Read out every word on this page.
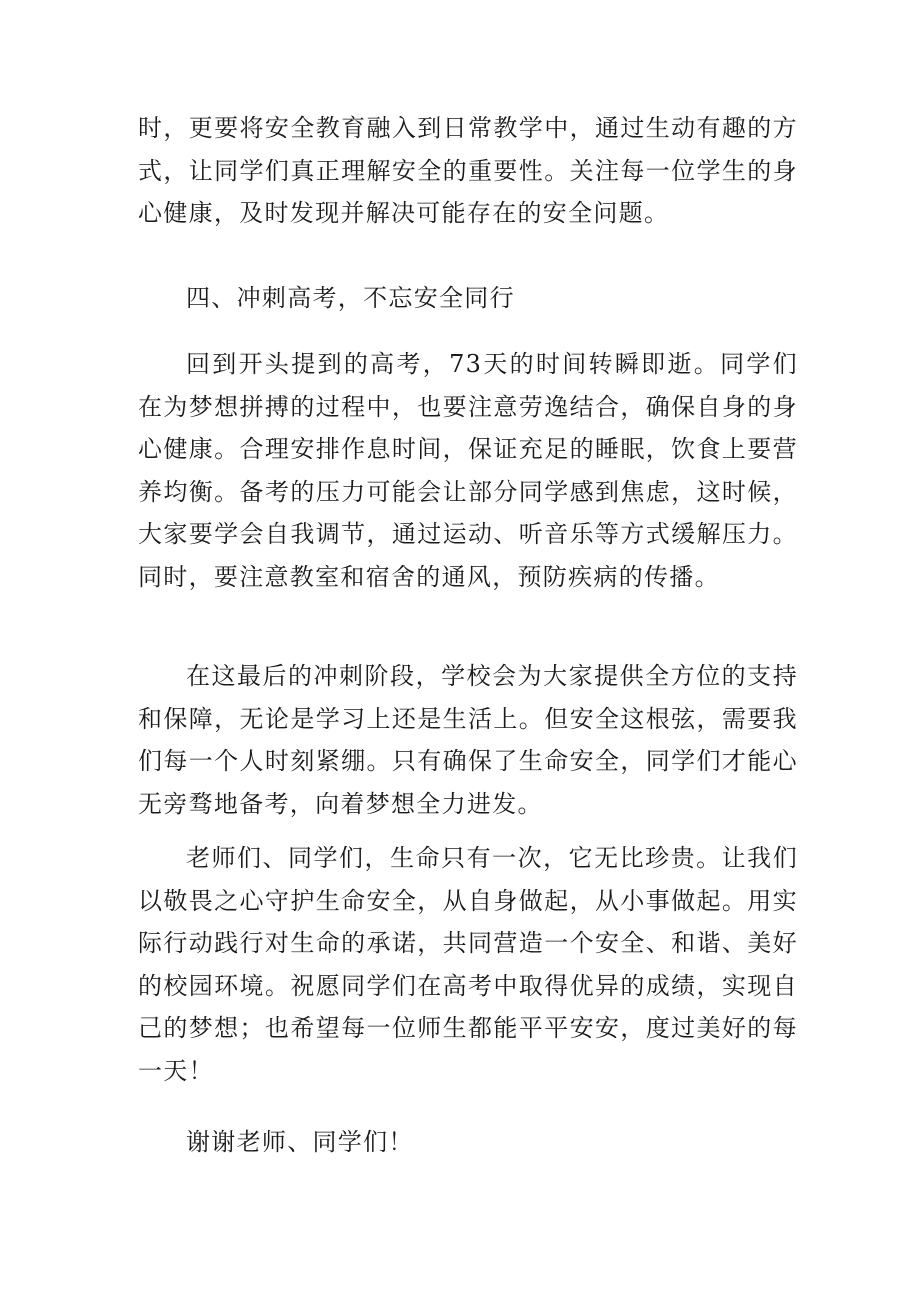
时，更要将安全教育融入到日常教学中，通过生动有趣的方式，让同学们真正理解安全的重要性。关注每一位学生的身心健康，及时发现并解决可能存在的安全问题。

四、冲刺高考，不忘安全同行

回到开头提到的高考，73天的时间转瞬即逝。同学们在为梦想拼搏的过程中，也要注意劳逸结合，确保自身的身心健康。合理安排作息时间，保证充足的睡眠，饮食上要营养均衡。备考的压力可能会让部分同学感到焦虑，这时候，大家要学会自我调节，通过运动、听音乐等方式缓解压力。同时，要注意教室和宿舍的通风，预防疾病的传播。

在这最后的冲刺阶段，学校会为大家提供全方位的支持和保障，无论是学习上还是生活上。但安全这根弦，需要我们每一个人时刻紧绷。只有确保了生命安全，同学们才能心无旁骛地备考，向着梦想全力进发。

老师们、同学们，生命只有一次，它无比珍贵。让我们以敬畏之心守护生命安全，从自身做起，从小事做起。用实际行动践行对生命的承诺，共同营造一个安全、和谐、美好的校园环境。祝愿同学们在高考中取得优异的成绩，实现自己的梦想；也希望每一位师生都能平平安安，度过美好的每一天！

谢谢老师、同学们！
